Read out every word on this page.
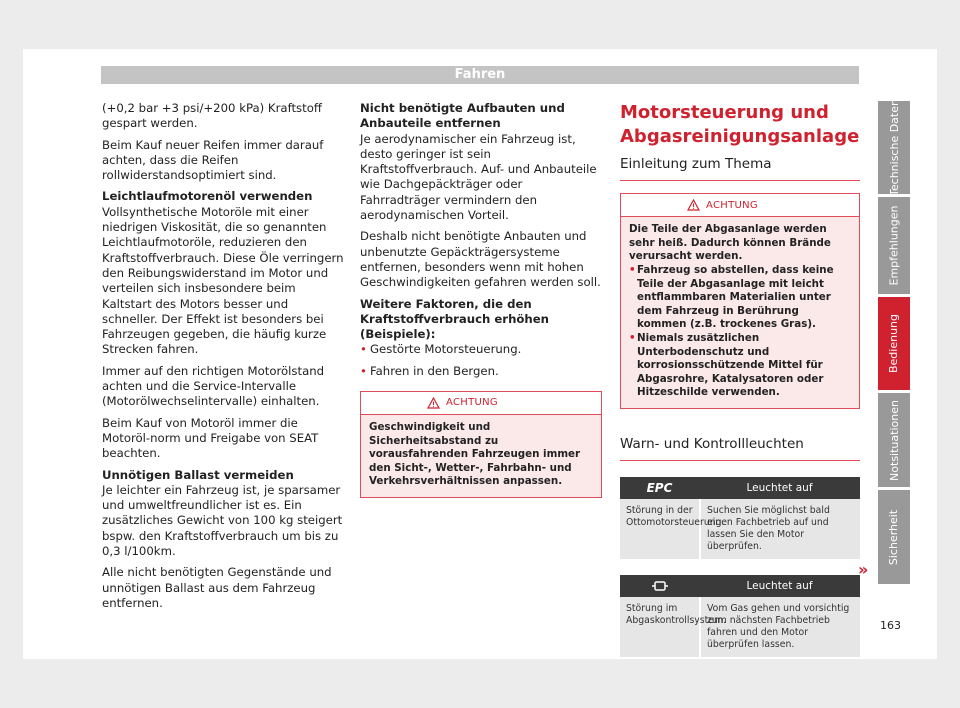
Fahren

(+0,2 bar +3 psi/+200 kPa) Kraftstoff gespart werden.

Beim Kauf neuer Reifen immer darauf achten, dass die Reifen rollwiderstandsoptimiert sind.

Leichtlaufmotorenöl verwenden

Vollsynthetische Motoröle mit einer niedrigen Viskosität, die so genannten Leichtlaufmotoröle, reduzieren den Kraftstoffverbrauch. Diese Öle verringern den Reibungswiderstand im Motor und verteilen sich insbesondere beim Kaltstart des Motors besser und schneller. Der Effekt ist besonders bei Fahrzeugen gegeben, die häufig kurze Strecken fahren.

Immer auf den richtigen Motorölstand achten und die Service-Intervalle (Motorölwechselintervalle) einhalten.

Beim Kauf von Motoröl immer die Motoröl-norm und Freigabe von SEAT beachten.

Unnötigen Ballast vermeiden

Je leichter ein Fahrzeug ist, je sparsamer und umweltfreundlicher ist es. Ein zusätzliches Gewicht von 100 kg steigert bspw. den Kraftstoffverbrauch um bis zu 0,3 l/100km.

Alle nicht benötigten Gegenstände und unnötigen Ballast aus dem Fahrzeug entfernen.

Nicht benötigte Aufbauten und Anbauteile entfernen

Je aerodynamischer ein Fahrzeug ist, desto geringer ist sein Kraftstoffverbrauch. Auf- und Anbauteile wie Dachgepäckträger oder Fahrradträger vermindern den aerodynamischen Vorteil.

Deshalb nicht benötigte Anbauten und unbenutzte Gepäckträgersysteme entfernen, besonders wenn mit hohen Geschwindigkeiten gefahren werden soll.

Weitere Faktoren, die den Kraftstoffverbrauch erhöhen (Beispiele):

• Gestörte Motorsteuerung.

• Fahren in den Bergen.

ACHTUNG

Geschwindigkeit und Sicherheitsabstand zu vorausfahrenden Fahrzeugen immer den Sicht-, Wetter-, Fahrbahn- und Verkehrsverhältnissen anpassen.

Motorsteuerung und Abgasreinigungsanlage

Einleitung zum Thema

ACHTUNG

Die Teile der Abgasanlage werden sehr heiß. Dadurch können Brände verursacht werden.

• Fahrzeug so abstellen, dass keine Teile der Abgasanlage mit leicht entflammbaren Materialien unter dem Fahrzeug in Berührung kommen (z.B. trockenes Gras).

• Niemals zusätzlichen Unterbodenschutz und korrosionsschützende Mittel für Abgasrohre, Katalysatoren oder Hitzeschilde verwenden.

Warn- und Kontrollleuchten

EPC	Leuchtet auf
Störung in der Ottomotorsteuerung.
Suchen Sie möglichst bald einen Fachbetrieb auf und lassen Sie den Motor überprüfen.
Leuchtet auf
Störung im Abgaskontrollsystem.
Vom Gas gehen und vorsichtig zum nächsten Fachbetrieb fahren und den Motor überprüfen lassen.
Technische Daten
Empfehlungen
Bedienung
Notsituationen
Sicherheit
»
163
